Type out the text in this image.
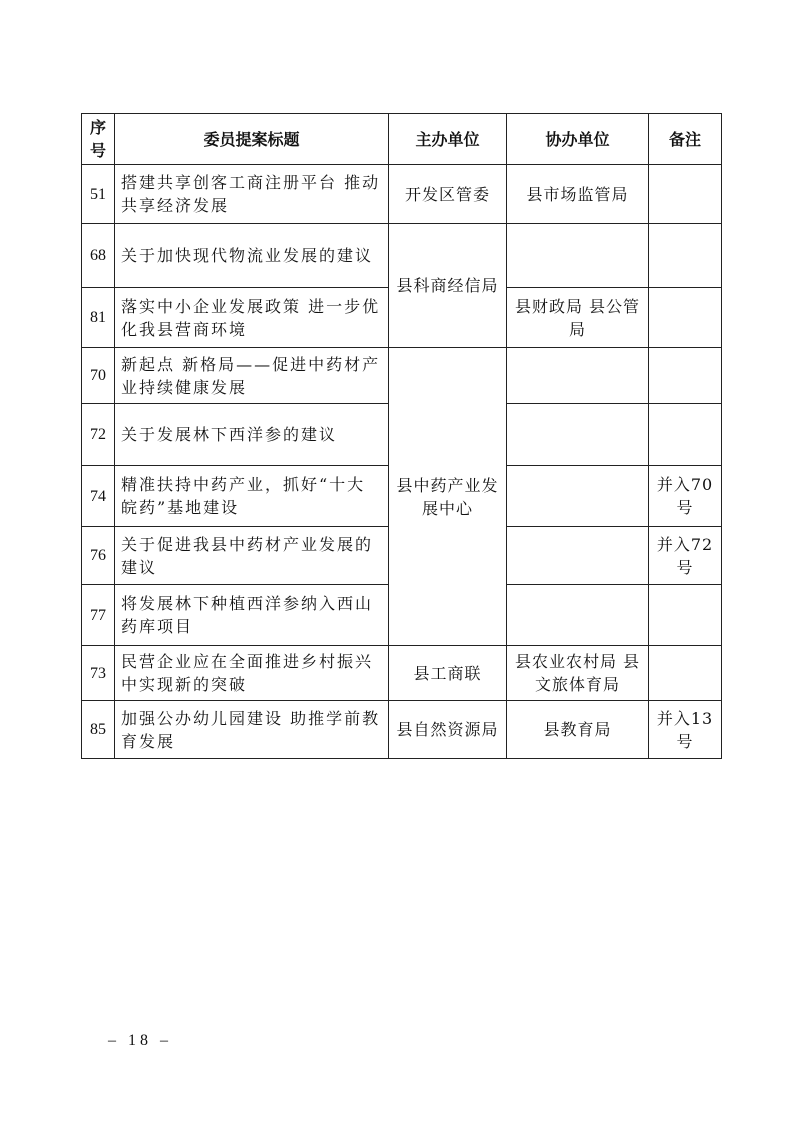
序号	委员提案标题	主办单位	协办单位	备注
51	搭建共享创客工商注册平台 推动共享经济发展	开发区管委	县市场监管局	
68	关于加快现代物流业发展的建议	县科商经信局		
81	落实中小企业发展政策 进一步优化我县营商环境		县财政局 县公管局	
70	新起点 新格局——促进中药材产业持续健康发展	县中药产业发展中心		
72	关于发展林下西洋参的建议			
74	精准扶持中药产业，抓好“十大皖药”基地建设			并入70号
76	关于促进我县中药材产业发展的建议			并入72号
77	将发展林下种植西洋参纳入西山药库项目			
73	民营企业应在全面推进乡村振兴中实现新的突破	县工商联	县农业农村局 县文旅体育局	
85	加强公办幼儿园建设 助推学前教育发展	县自然资源局	县教育局	并入13号
– 18 –
